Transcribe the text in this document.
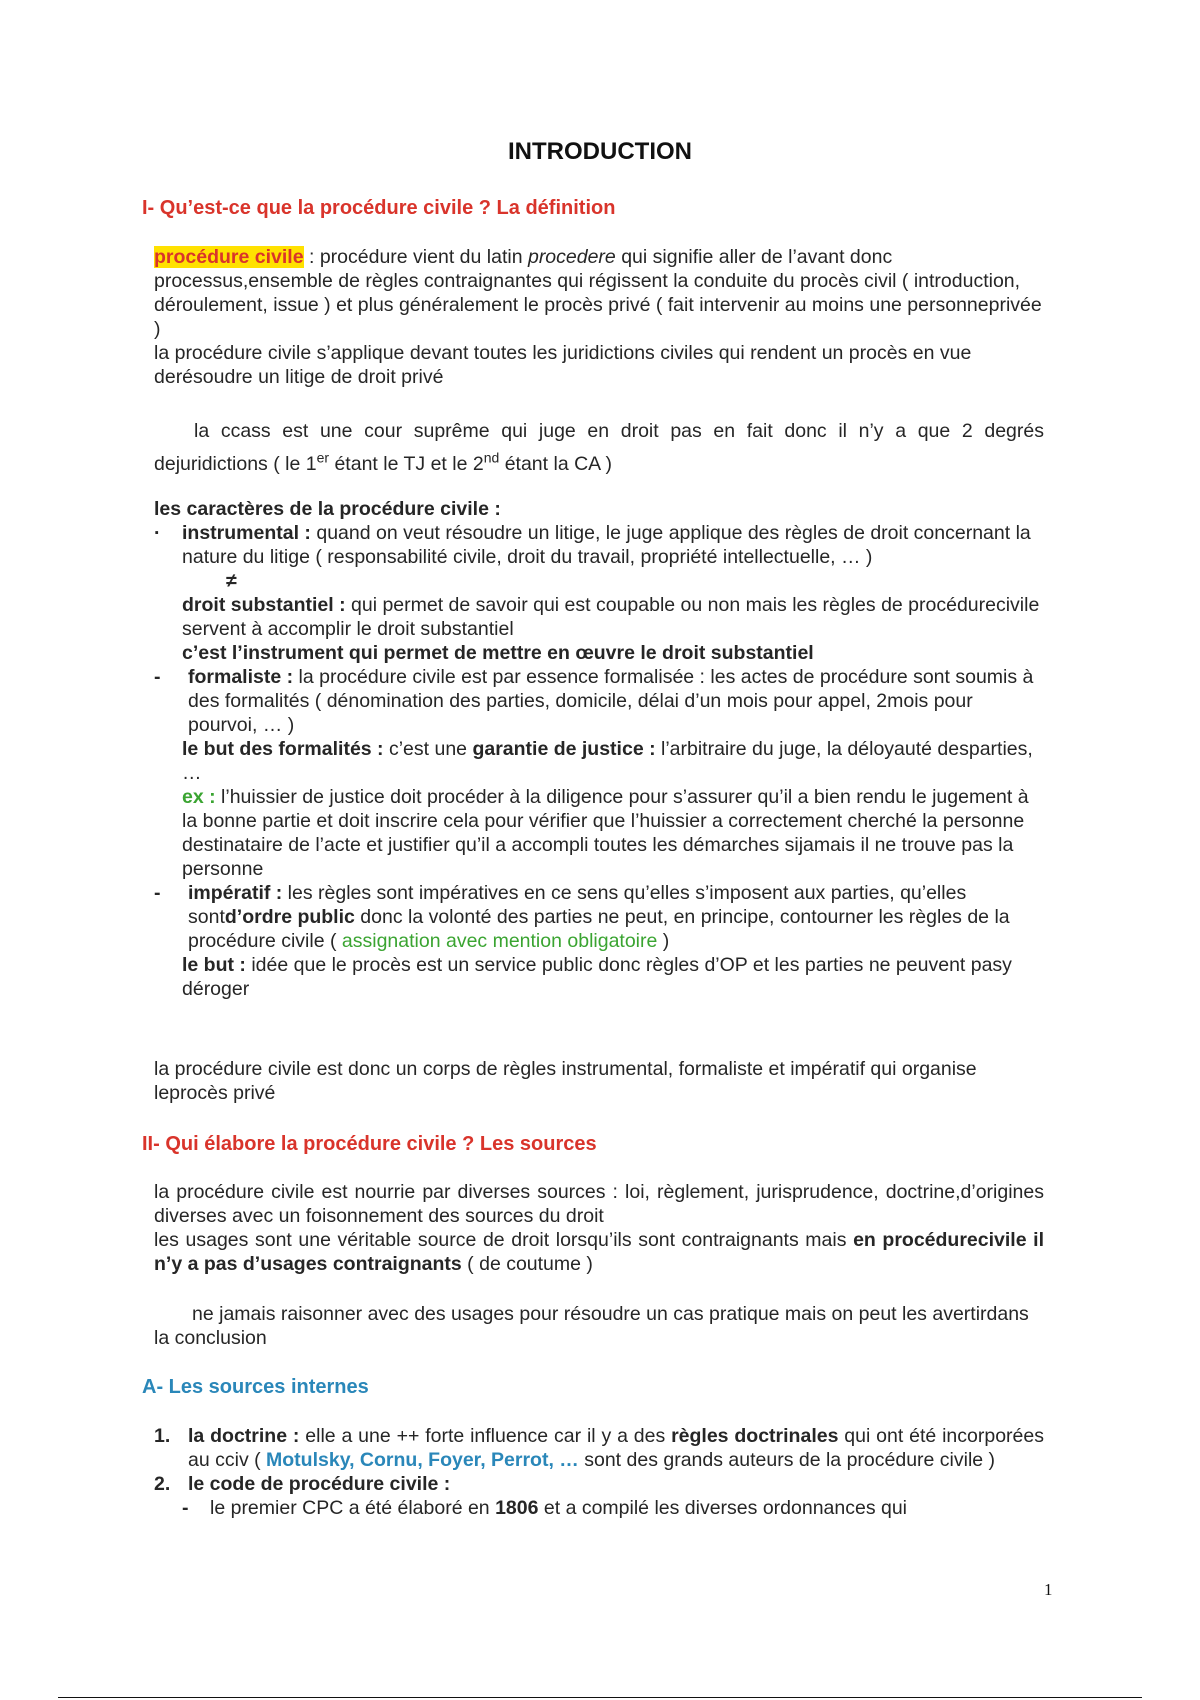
INTRODUCTION
I- Qu’est-ce que la procédure civile ? La définition

procédure civile : procédure vient du latin procedere qui signifie aller de l’avant donc processus,ensemble de règles contraignantes qui régissent la conduite du procès civil ( introduction, déroulement, issue ) et plus généralement le procès privé ( fait intervenir au moins une personneprivée )

la procédure civile s’applique devant toutes les juridictions civiles qui rendent un procès en vue derésoudre un litige de droit privé

la ccass est une cour suprême qui juge en droit pas en fait donc il n’y a que 2 degrés dejuridictions ( le 1er étant le TJ et le 2nd étant la CA )

les caractères de la procédure civile :

· instrumental : quand on veut résoudre un litige, le juge applique des règles de droit concernant la nature du litige ( responsabilité civile, droit du travail, propriété intellectuelle, … )

≠

droit substantiel : qui permet de savoir qui est coupable ou non mais les règles de procédurecivile servent à accomplir le droit substantiel

c’est l’instrument qui permet de mettre en œuvre le droit substantiel

- formaliste : la procédure civile est par essence formalisée : les actes de procédure sont soumis à des formalités ( dénomination des parties, domicile, délai d’un mois pour appel, 2mois pour pourvoi, … )
le but des formalités : c’est une garantie de justice : l’arbitraire du juge, la déloyauté desparties, …
ex : l’huissier de justice doit procéder à la diligence pour s’assurer qu’il a bien rendu le jugement à la bonne partie et doit inscrire cela pour vérifier que l’huissier a correctement cherché la personne destinataire de l’acte et justifier qu’il a accompli toutes les démarches sijamais il ne trouve pas la personne
- impératif : les règles sont impératives en ce sens qu’elles s’imposent aux parties, qu’elles sontd’ordre public donc la volonté des parties ne peut, en principe, contourner les règles de la procédure civile ( assignation avec mention obligatoire )
le but : idée que le procès est un service public donc règles d’OP et les parties ne peuvent pasy déroger
la procédure civile est donc un corps de règles instrumental, formaliste et impératif qui organise leprocès privé
II- Qui élabore la procédure civile ? Les sources

la procédure civile est nourrie par diverses sources : loi, règlement, jurisprudence, doctrine,d’origines diverses avec un foisonnement des sources du droit

les usages sont une véritable source de droit lorsqu’ils sont contraignants mais en procédurecivile il n’y a pas d’usages contraignants ( de coutume )

ne jamais raisonner avec des usages pour résoudre un cas pratique mais on peut les avertirdans la conclusion
A- Les sources internes
1. la doctrine : elle a une ++ forte influence car il y a des règles doctrinales qui ont été incorporées au cciv ( Motulsky, Cornu, Foyer, Perrot, … sont des grands auteurs de la procédure civile )
2. le code de procédure civile :
- le premier CPC a été élaboré en 1806 et a compilé les diverses ordonnances qui
1
